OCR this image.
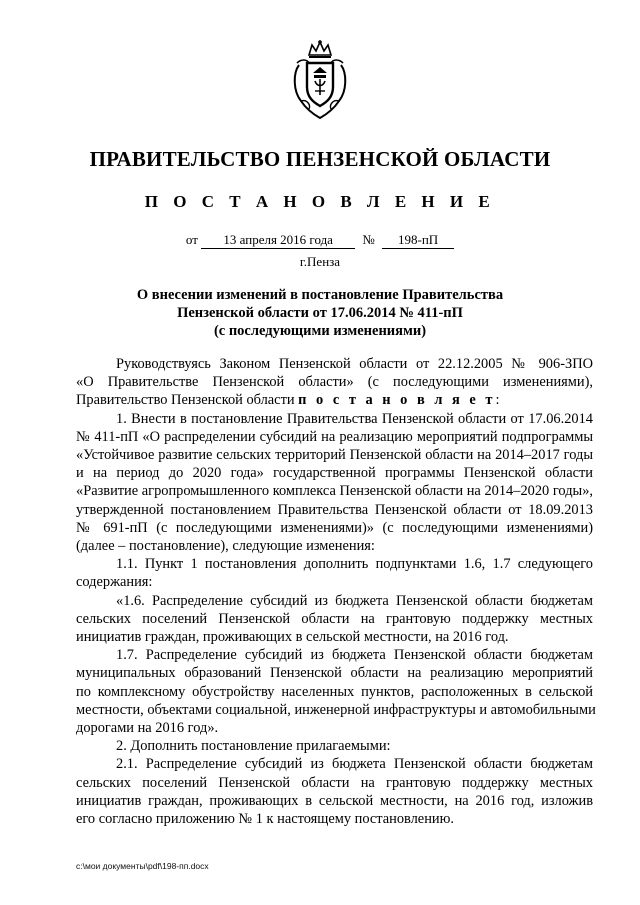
ПРАВИТЕЛЬСТВО ПЕНЗЕНСКОЙ ОБЛАСТИ
П О С Т А Н О В Л Е Н И Е
от 13 апреля 2016 года № 198-пП
г.Пенза
О внесении изменений в постановление Правительства
Пензенской области от 17.06.2014 № 411-пП
(с последующими изменениями)
Руководствуясь Законом Пензенской области от 22.12.2005 № 906-ЗПО
«О Правительстве Пензенской области» (с последующими изменениями),
Правительство Пензенской области п о с т а н о в л я е т:
1. Внести в постановление Правительства Пензенской области от 17.06.2014
№ 411-пП «О распределении субсидий на реализацию мероприятий подпрограммы
«Устойчивое развитие сельских территорий Пензенской области на 2014–2017 годы
и на период до 2020 года» государственной программы Пензенской области
«Развитие агропромышленного комплекса Пензенской области на 2014–2020 годы»,
утвержденной постановлением Правительства Пензенской области от 18.09.2013
№ 691-пП (с последующими изменениями)» (с последующими изменениями)
(далее – постановление), следующие изменения:
1.1. Пункт 1 постановления дополнить подпунктами 1.6, 1.7 следующего
содержания:
«1.6. Распределение субсидий из бюджета Пензенской области бюджетам
сельских поселений Пензенской области на грантовую поддержку местных
инициатив граждан, проживающих в сельской местности, на 2016 год.
1.7. Распределение субсидий из бюджета Пензенской области бюджетам
муниципальных образований Пензенской области на реализацию мероприятий
по комплексному обустройству населенных пунктов, расположенных в сельской
местности, объектами социальной, инженерной инфраструктуры и автомобильными
дорогами на 2016 год».
2. Дополнить постановление прилагаемыми:
2.1. Распределение субсидий из бюджета Пензенской области бюджетам
сельских поселений Пензенской области на грантовую поддержку местных
инициатив граждан, проживающих в сельской местности, на 2016 год, изложив
его согласно приложению № 1 к настоящему постановлению.
c:\мои документы\pdf\198-пп.docx
